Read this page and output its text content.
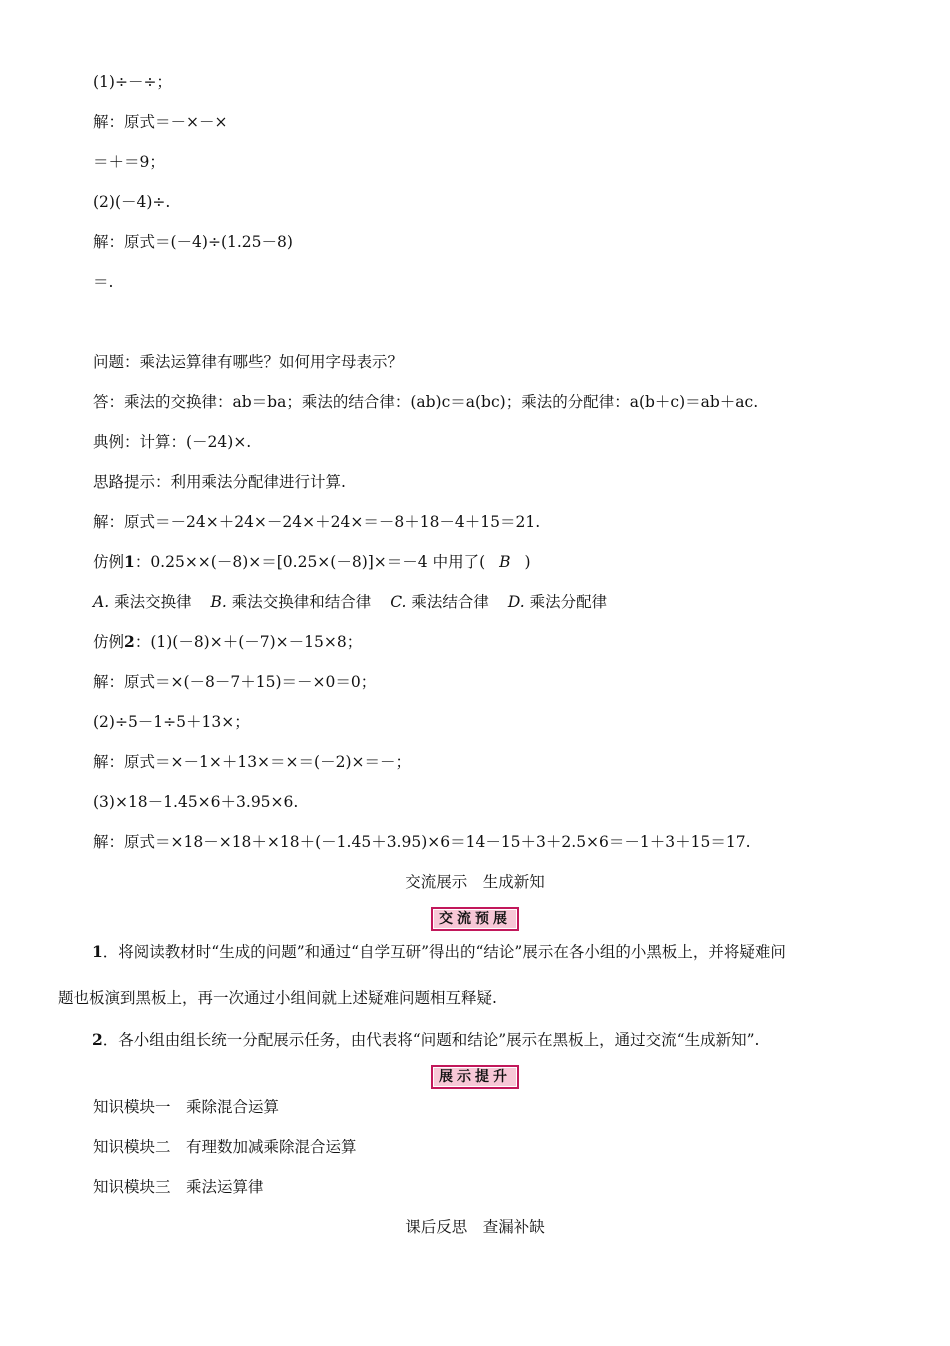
(1)÷－÷；
解：原式＝－×－×
＝＋＝9；
(2)(－4)÷.
解：原式＝(－4)÷(1.25－8)
＝.
问题：乘法运算律有哪些？如何用字母表示？
答：乘法的交换律：ab＝ba；乘法的结合律：(ab)c＝a(bc)；乘法的分配律：a(b＋c)＝ab＋ac.
典例：计算：(－24)×.
思路提示：利用乘法分配律进行计算.
解：原式＝－24×＋24×－24×＋24×＝－8＋18－4＋15＝21.
仿例1：0.25××(－8)×＝[0.25×(－8)]×＝－4 中用了( B )
A. 乘法交换律 B. 乘法交换律和结合律 C. 乘法结合律 D. 乘法分配律
仿例2：(1)(－8)×＋(－7)×－15×8；
解：原式＝×(－8－7＋15)＝－×0＝0；
(2)÷5－1÷5＋13×；
解：原式＝×－1×＋13×＝×＝(－2)×＝－；
(3)×18－1.45×6＋3.95×6.
解：原式＝×18－×18＋×18＋(－1.45＋3.95)×6＝14－15＋3＋2.5×6＝－1＋3＋15＝17.
交流展示　生成新知
交流预展
1．将阅读教材时“生成的问题”和通过“自学互研”得出的“结论”展示在各小组的小黑板上，并将疑难问
题也板演到黑板上，再一次通过小组间就上述疑难问题相互释疑.
2．各小组由组长统一分配展示任务，由代表将“问题和结论”展示在黑板上，通过交流“生成新知”.
展示提升
知识模块一　乘除混合运算
知识模块二　有理数加减乘除混合运算
知识模块三　乘法运算律
课后反思　查漏补缺
